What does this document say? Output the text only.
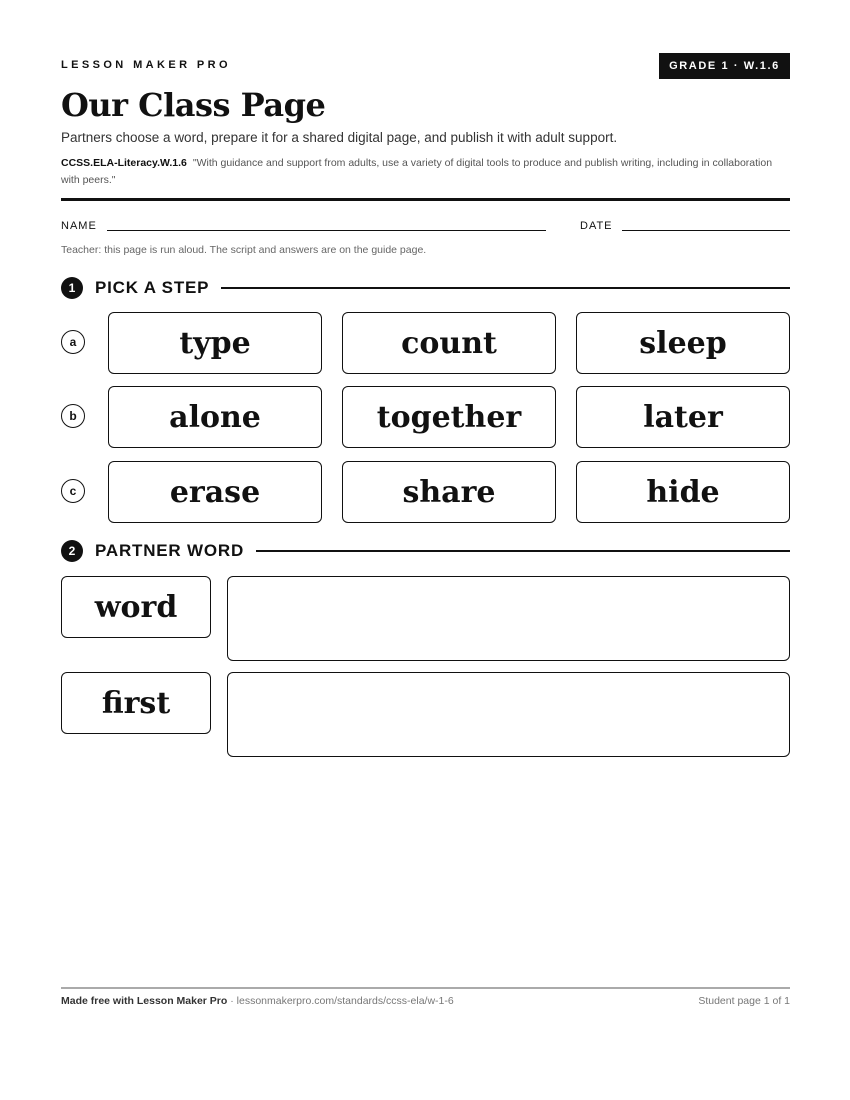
LESSON MAKER PRO	GRADE 1 · W.1.6
Our Class Page
Partners choose a word, prepare it for a shared digital page, and publish it with adult support.
CCSS.ELA-Literacy.W.1.6 "With guidance and support from adults, use a variety of digital tools to produce and publish writing, including in collaboration with peers."
NAME	DATE
Teacher: this page is run aloud. The script and answers are on the guide page.
1	PICK A STEP
a	type	count	sleep
b	alone	together	later
c	erase	share	hide
2	PARTNER WORD
word
first
Made free with Lesson Maker Pro · lessonmakerpro.com/standards/ccss-ela/w-1-6	Student page 1 of 1
